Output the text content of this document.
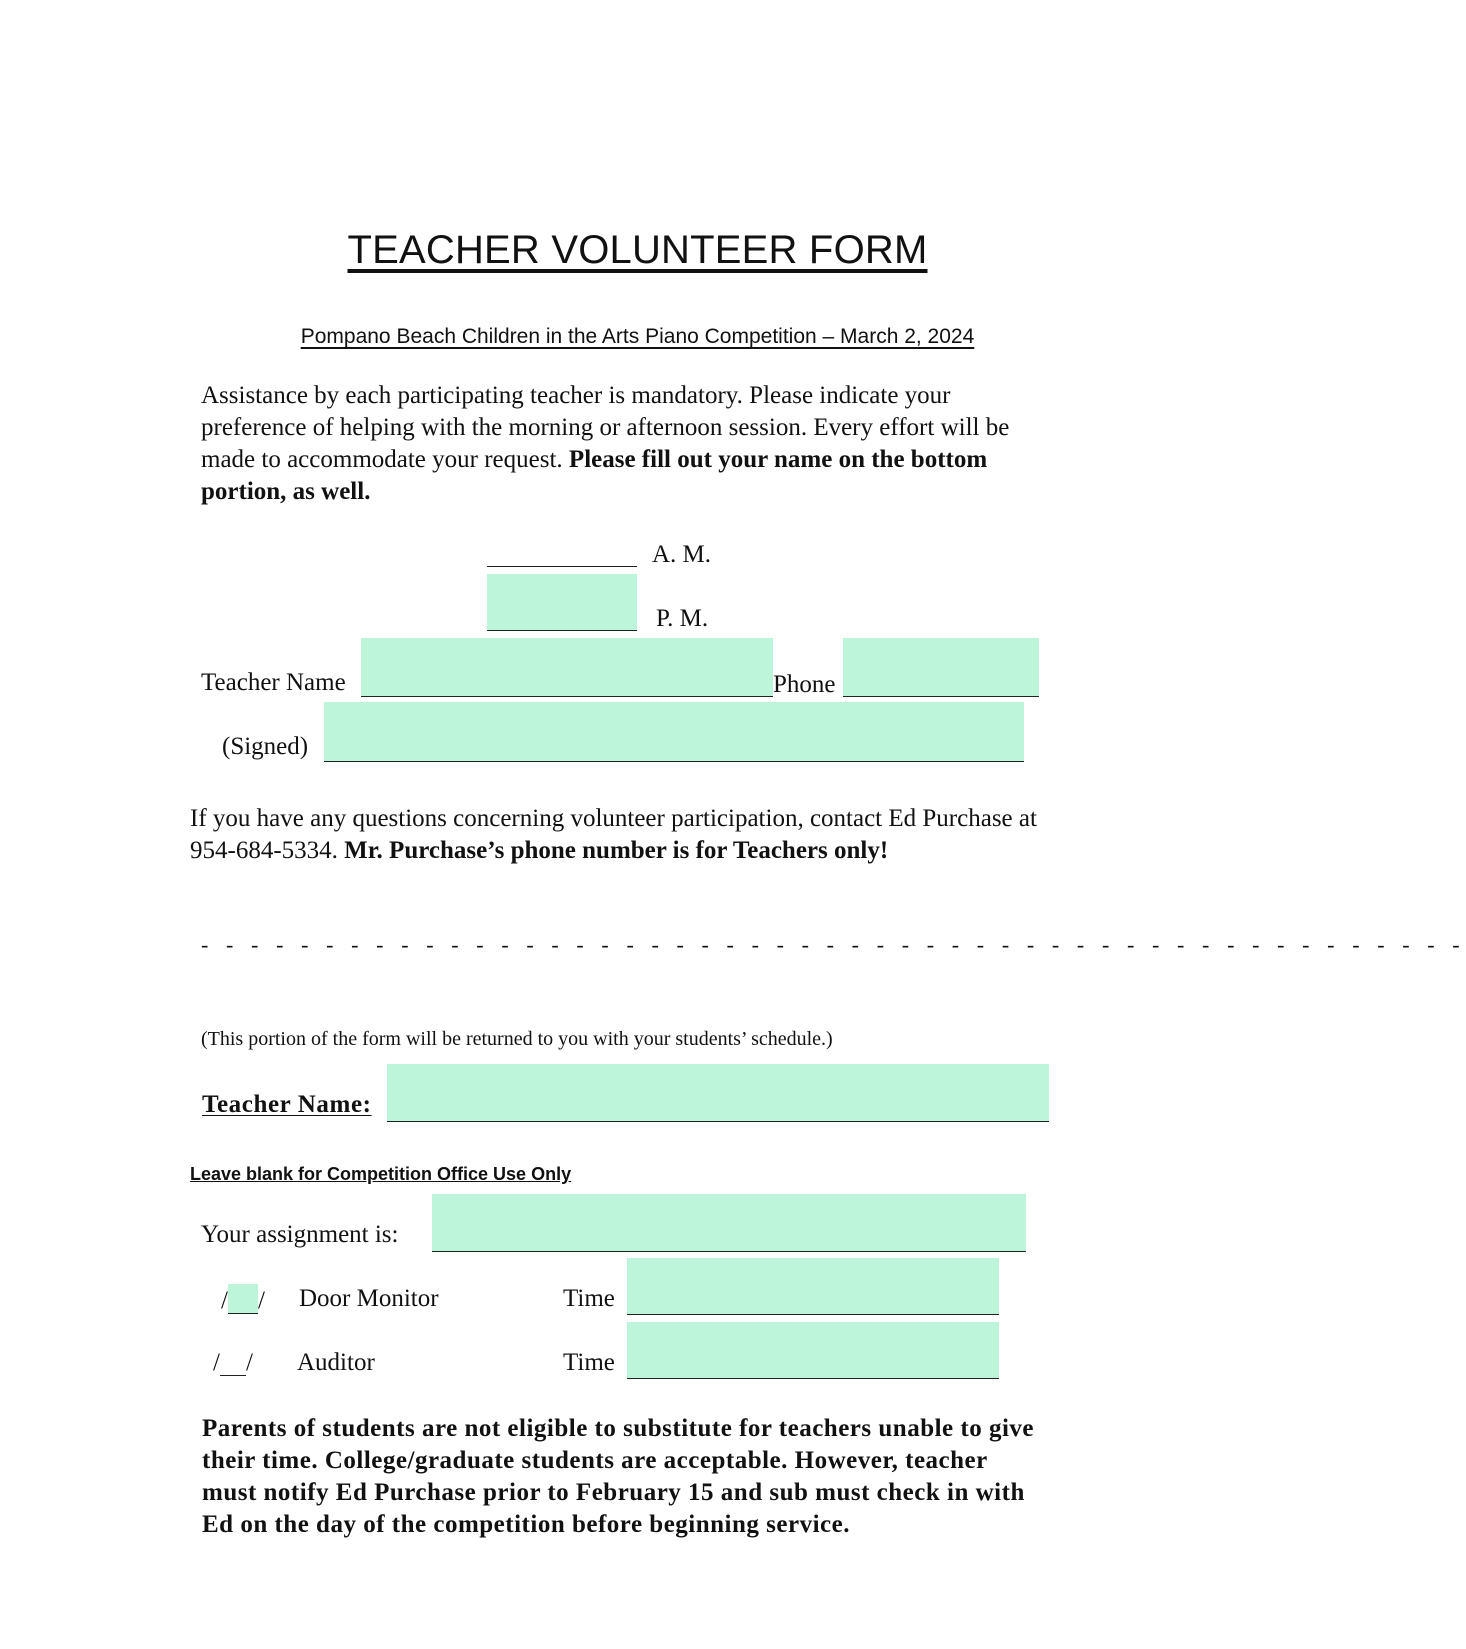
TEACHER VOLUNTEER FORM
Pompano Beach Children in the Arts Piano Competition – March 2, 2024
Assistance by each participating teacher is mandatory. Please indicate your preference of helping with the morning or afternoon session. Every effort will be made to accommodate your request. Please fill out your name on the bottom portion, as well.
A. M.
P. M.
Teacher Name	Phone
(Signed)
If you have any questions concerning volunteer participation, contact Ed Purchase at 954-684-5334. Mr. Purchase’s phone number is for Teachers only!
- - - - - - - - - - - - - - - - - - - - - - - - - - - - - - - - - - - - - - - - - - - - - - - - - - -
(This portion of the form will be returned to you with your students’ schedule.)
Teacher Name:
Leave blank for Competition Office Use Only
Your assignment is:
/ / Door Monitor	Time
/ / Auditor	Time
Parents of students are not eligible to substitute for teachers unable to give their time. College/graduate students are acceptable. However, teacher must notify Ed Purchase prior to February 15 and sub must check in with Ed on the day of the competition before beginning service.
